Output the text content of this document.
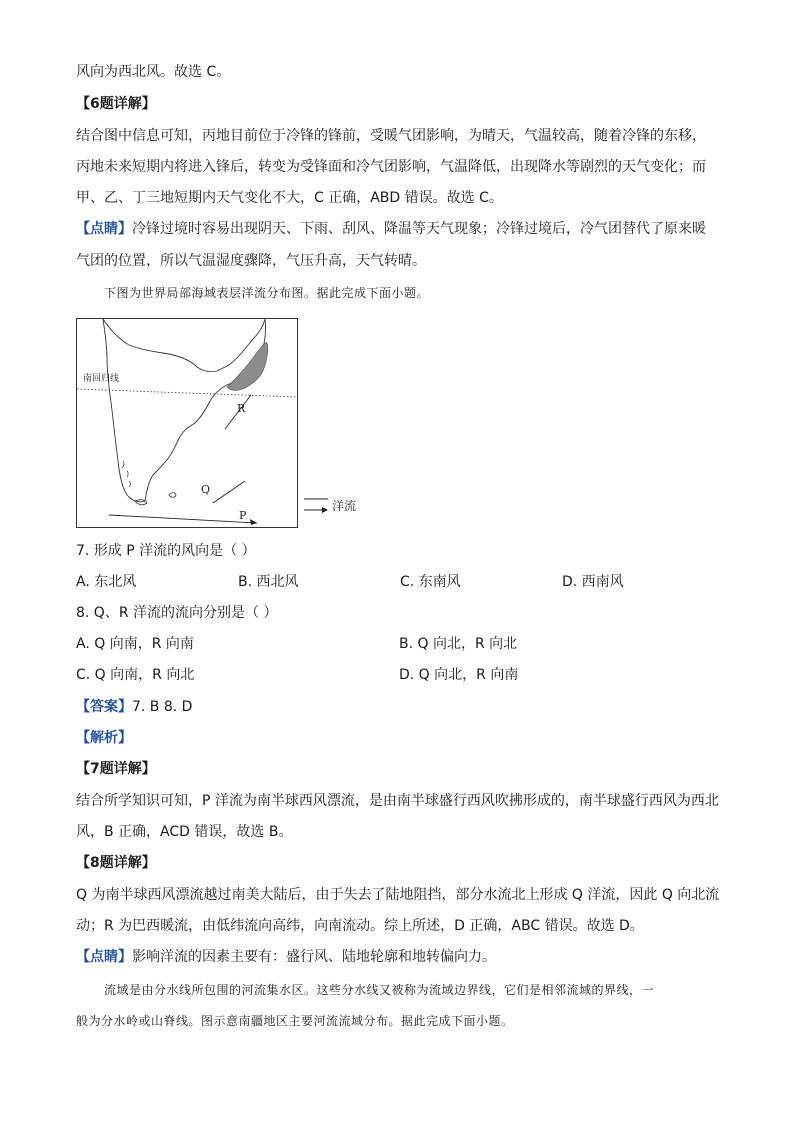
风向为西北风。故选 C。
【6题详解】
结合图中信息可知，丙地目前位于冷锋的锋前，受暖气团影响，为晴天，气温较高，随着冷锋的东移，
丙地未来短期内将进入锋后，转变为受锋面和冷气团影响，气温降低，出现降水等剧烈的天气变化；而
甲、乙、丁三地短期内天气变化不大，C 正确，ABD 错误。故选 C。
【点睛】冷锋过境时容易出现阴天、下雨、刮风、降温等天气现象；冷锋过境后，冷气团替代了原来暖
气团的位置，所以气温湿度骤降，气压升高，天气转晴。
下图为世界局部海域表层洋流分布图。据此完成下面小题。
南回归线
R
Q
P
洋流
7. 形成 P 洋流的风向是（ ）
A. 东北风	B. 西北风	C. 东南风	D. 西南风
8. Q、R 洋流的流向分别是（ ）
A. Q 向南，R 向南	B. Q 向北，R 向北
C. Q 向南，R 向北	D. Q 向北，R 向南
【答案】7. B 8. D
【解析】
【7题详解】
结合所学知识可知，P 洋流为南半球西风漂流，是由南半球盛行西风吹拂形成的，南半球盛行西风为西北
风，B 正确，ACD 错误，故选 B。
【8题详解】
Q 为南半球西风漂流越过南美大陆后，由于失去了陆地阻挡，部分水流北上形成 Q 洋流，因此 Q 向北流
动；R 为巴西暖流，由低纬流向高纬，向南流动。综上所述，D 正确，ABC 错误。故选 D。
【点睛】影响洋流的因素主要有：盛行风、陆地轮廓和地转偏向力。
流域是由分水线所包围的河流集水区。这些分水线又被称为流域边界线，它们是相邻流域的界线，一
般为分水岭或山脊线。图示意南疆地区主要河流流域分布。据此完成下面小题。
